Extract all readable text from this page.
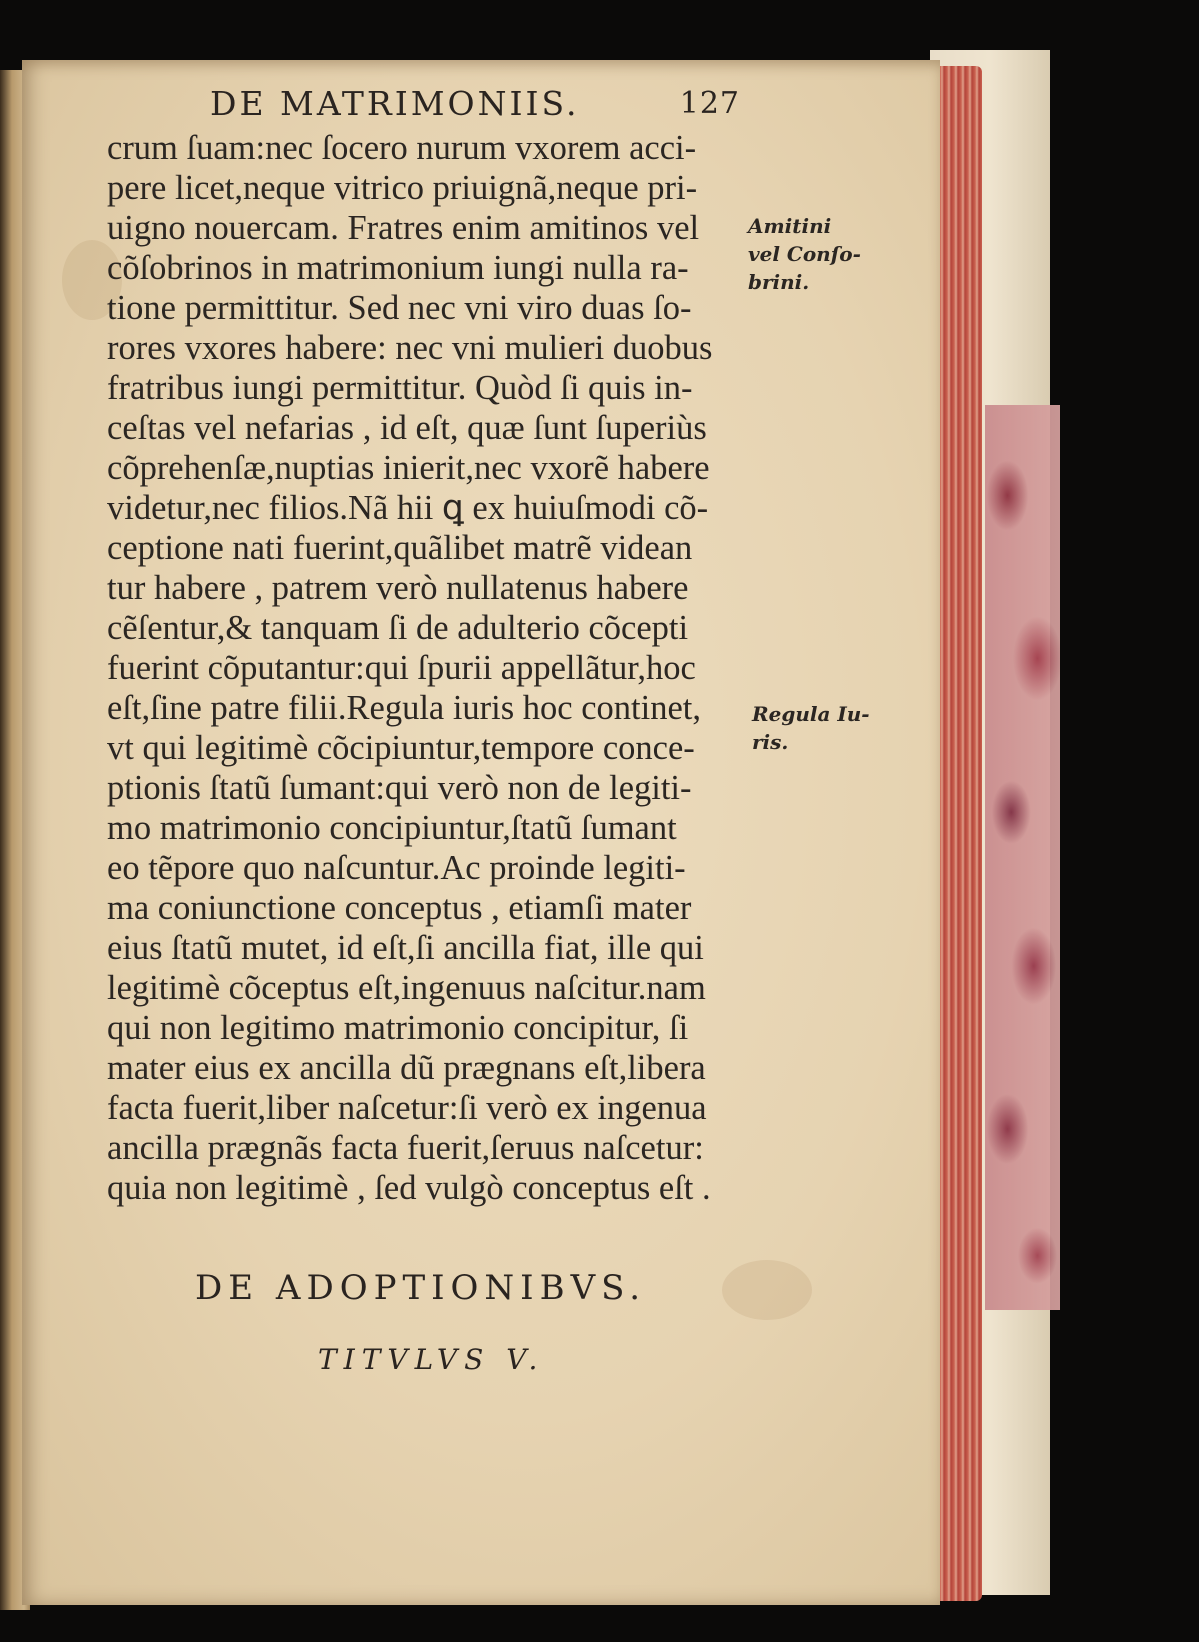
DE MATRIMONIIS.	127
crum ſuam:nec ſocero nurum vxorem acci-
pere licet,neque vitrico priuignã,neque pri-
uigno nouercam. Fratres enim amitinos vel
cõſobrinos in matrimonium iungi nulla ra-
tione permittitur. Sed nec vni viro duas ſo-
rores vxores habere: nec vni mulieri duobus
fratribus iungi permittitur. Quòd ſi quis in-
ceſtas vel nefarias , id eſt, quæ ſunt ſuperiùs
cõprehenſæ,nuptias inierit,nec vxorẽ habere
videtur,nec filios.Nã hii ꝗ ex huiuſmodi cõ-
ceptione nati fuerint,quãlibet matrẽ videan
tur habere , patrem verò nullatenus habere
cẽſentur,& tanquam ſi de adulterio cõcepti
fuerint cõputantur:qui ſpurii appellãtur,hoc
eſt,ſine patre filii.Regula iuris hoc continet,
vt qui legitimè cõcipiuntur,tempore conce-
ptionis ſtatũ ſumant:qui verò non de legiti-
mo matrimonio concipiuntur,ſtatũ ſumant
eo tẽpore quo naſcuntur.Ac proinde legiti-
ma coniunctione conceptus , etiamſi mater
eius ſtatũ mutet, id eſt,ſi ancilla fiat, ille qui
legitimè cõceptus eſt,ingenuus naſcitur.nam
qui non legitimo matrimonio concipitur, ſi
mater eius ex ancilla dũ prægnans eſt,libera
facta fuerit,liber naſcetur:ſi verò ex ingenua
ancilla prægnãs facta fuerit,ſeruus naſcetur:
quia non legitimè , ſed vulgò conceptus eſt .
Amitini
vel Conſo-
brini.
Regula Iu-
ris.
DE ADOPTIONIBVS.
TITVLVS V.
